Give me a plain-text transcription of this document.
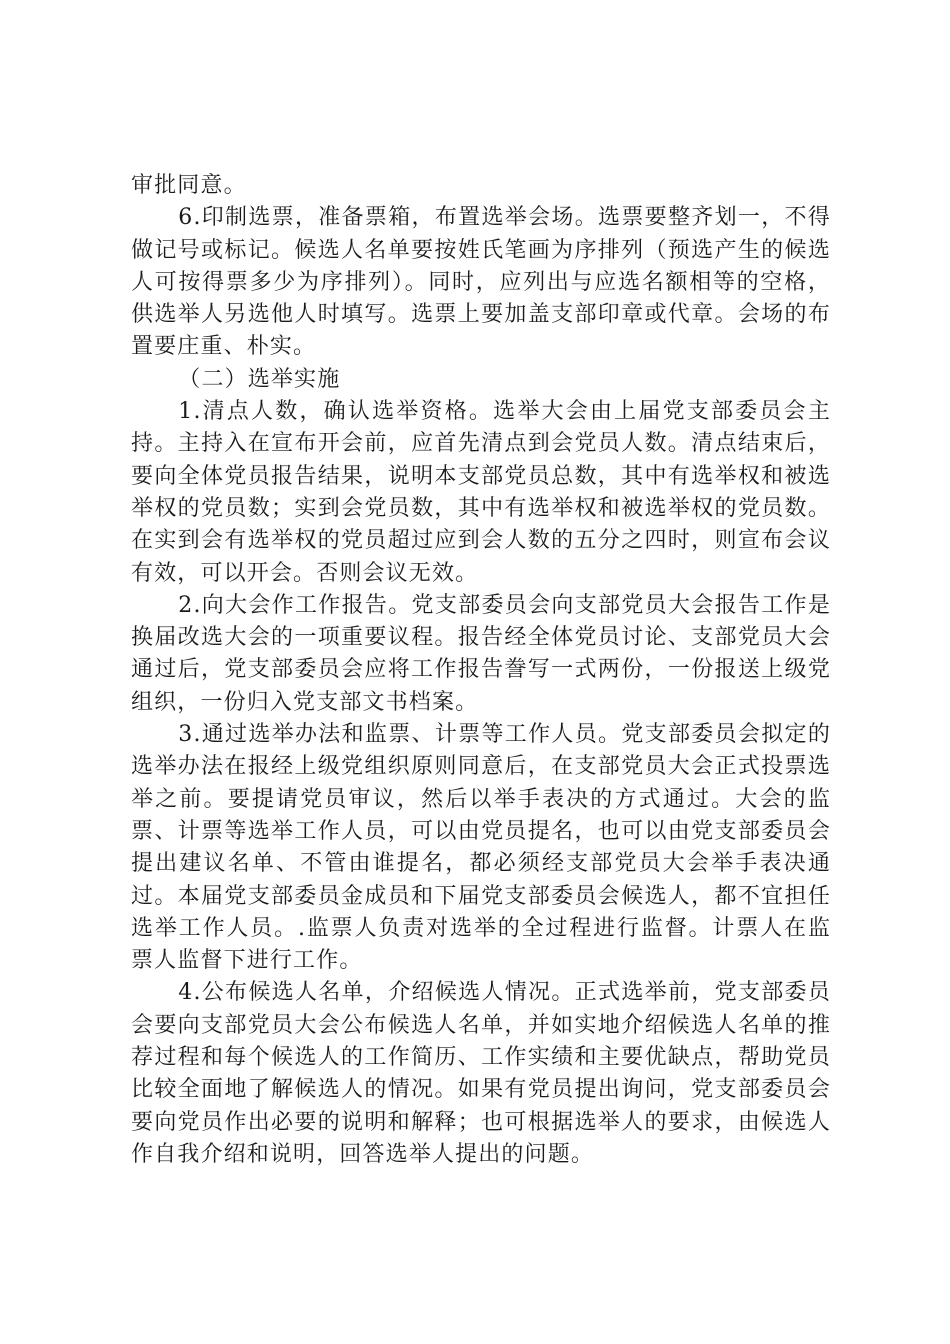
审批同意。

6.印制选票，准备票箱，布置选举会场。选票要整齐划一，不得做记号或标记。候选人名单要按姓氏笔画为序排列（预选产生的候选人可按得票多少为序排列）。同时，应列出与应选名额相等的空格，供选举人另选他人时填写。选票上要加盖支部印章或代章。会场的布置要庄重、朴实。

（二）选举实施

1.清点人数，确认选举资格。选举大会由上届党支部委员会主持。主持入在宣布开会前，应首先清点到会党员人数。清点结束后，要向全体党员报告结果，说明本支部党员总数，其中有选举权和被选举权的党员数；实到会党员数，其中有选举权和被选举权的党员数。在实到会有选举权的党员超过应到会人数的五分之四时，则宣布会议有效，可以开会。否则会议无效。

2.向大会作工作报告。党支部委员会向支部党员大会报告工作是换届改选大会的一项重要议程。报告经全体党员讨论、支部党员大会通过后，党支部委员会应将工作报告誊写一式两份，一份报送上级党组织，一份归入党支部文书档案。

3.通过选举办法和监票、计票等工作人员。党支部委员会拟定的选举办法在报经上级党组织原则同意后，在支部党员大会正式投票选举之前。要提请党员审议，然后以举手表决的方式通过。大会的监票、计票等选举工作人员，可以由党员提名，也可以由党支部委员会提出建议名单、不管由谁提名，都必须经支部党员大会举手表决通过。本届党支部委员金成员和下届党支部委员会候选人，都不宜担任选举工作人员。.监票人负责对选举的全过程进行监督。计票人在监票人监督下进行工作。

4.公布候选人名单，介绍候选人情况。正式选举前，党支部委员会要向支部党员大会公布候选人名单，并如实地介绍候选人名单的推荐过程和每个候选人的工作简历、工作实绩和主要优缺点，帮助党员比较全面地了解候选人的情况。如果有党员提出询问，党支部委员会要向党员作出必要的说明和解释；也可根据选举人的要求，由候选人作自我介绍和说明，回答选举人提出的问题。
